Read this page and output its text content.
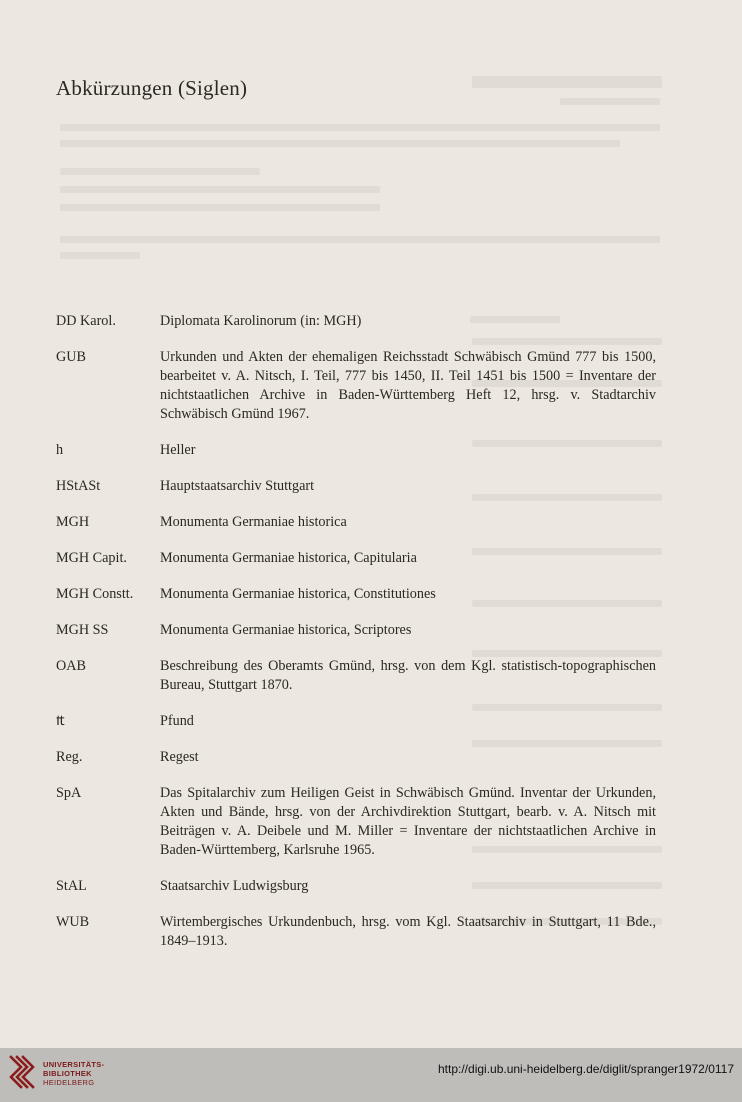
Abkürzungen (Siglen)
DD Karol.	Diplomata Karolinorum (in: MGH)
GUB	Urkunden und Akten der ehemaligen Reichsstadt Schwäbisch Gmünd 777 bis 1500, bearbeitet v. A. Nitsch, I. Teil, 777 bis 1450, II. Teil 1451 bis 1500 = Inventare der nichtstaatlichen Archive in Baden-Württemberg Heft 12, hrsg. v. Stadtarchiv Schwäbisch Gmünd 1967.
h	Heller
HStASt	Hauptstaatsarchiv Stuttgart
MGH	Monumenta Germaniae historica
MGH Capit.	Monumenta Germaniae historica, Capitularia
MGH Constt.	Monumenta Germaniae historica, Constitutiones
MGH SS	Monumenta Germaniae historica, Scriptores
OAB	Beschreibung des Oberamts Gmünd, hrsg. von dem Kgl. statistisch-topographischen Bureau, Stuttgart 1870.
₶	Pfund
Reg.	Regest
SpA	Das Spitalarchiv zum Heiligen Geist in Schwäbisch Gmünd. Inventar der Urkunden, Akten und Bände, hrsg. von der Archivdirektion Stuttgart, bearb. v. A. Nitsch mit Beiträgen v. A. Deibele und M. Miller = Inventare der nichtstaatlichen Archive in Baden-Württemberg, Karlsruhe 1965.
StAL	Staatsarchiv Ludwigsburg
WUB	Wirtembergisches Urkundenbuch, hrsg. vom Kgl. Staatsarchiv in Stuttgart, 11 Bde., 1849–1913.
UNIVERSITÄTS-
BIBLIOTHEK
HEIDELBERG
http://digi.ub.uni-heidelberg.de/diglit/spranger1972/0117
